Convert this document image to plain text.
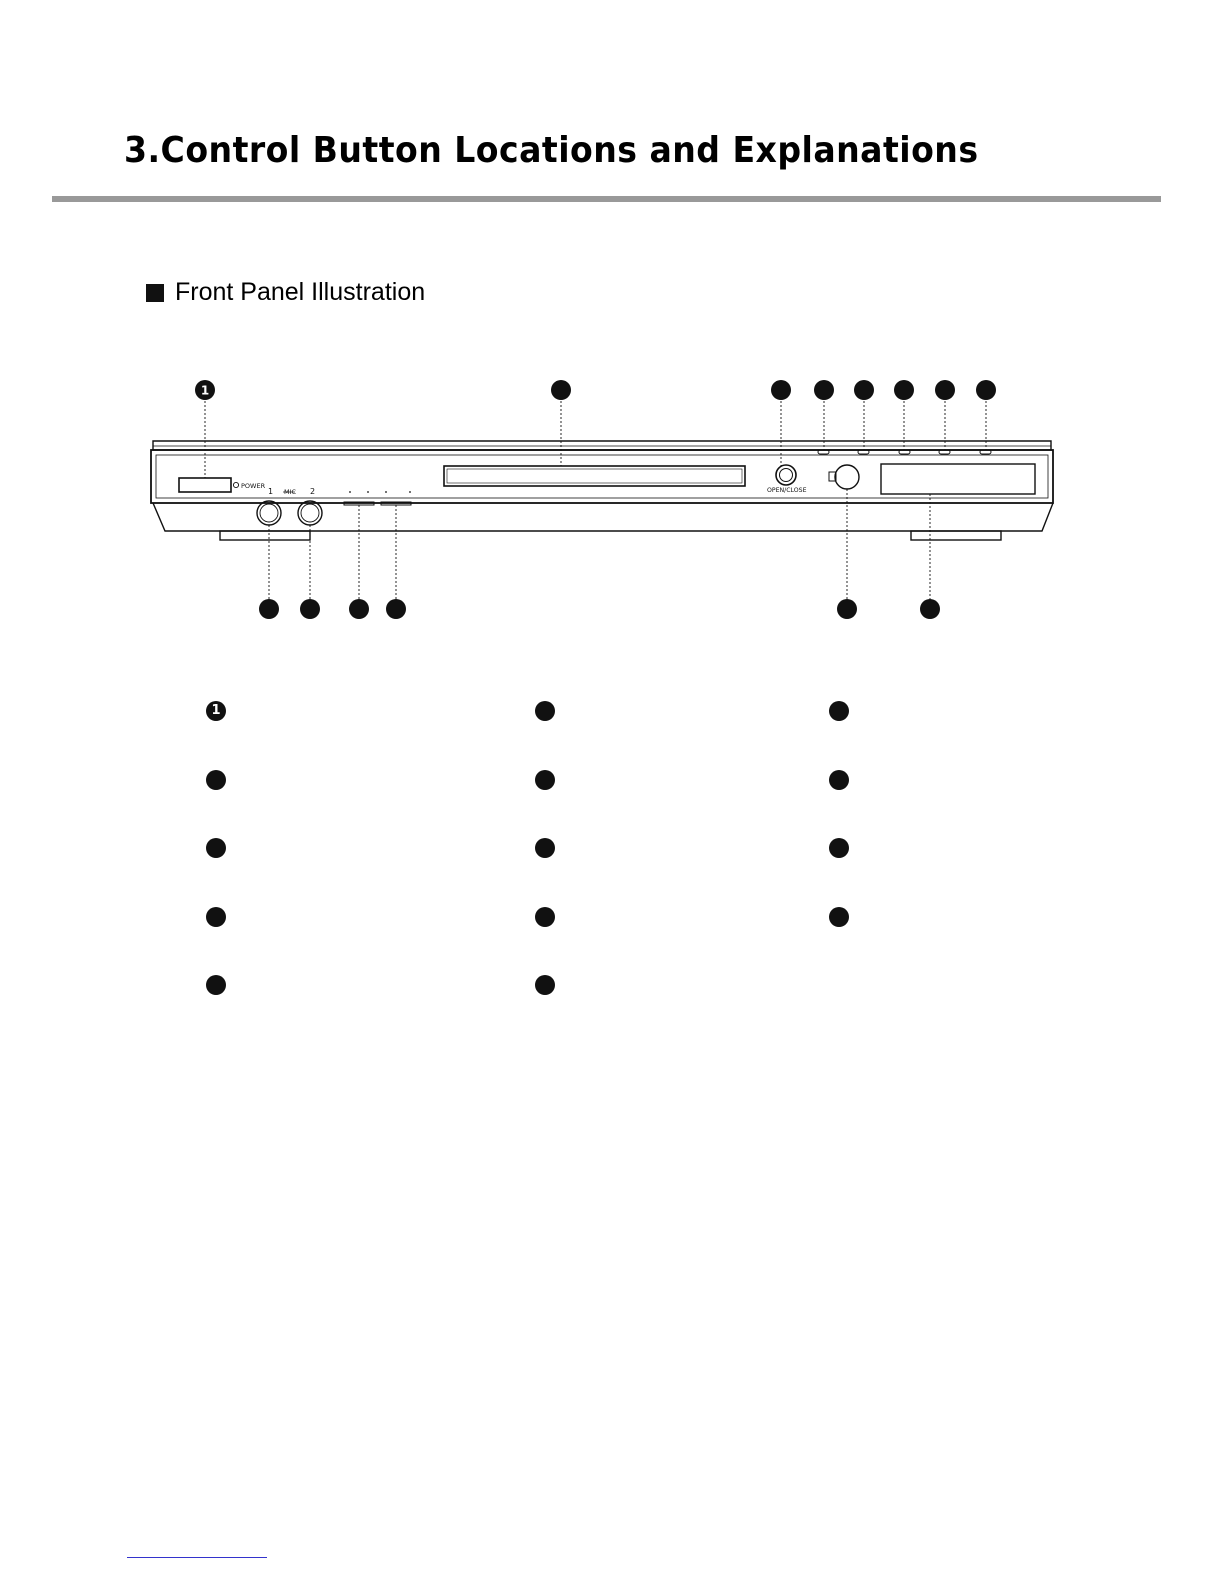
3.Control Button Locations and Explanations
Front Panel Illustration
POWER
1 MIC 2	OPEN/CLOSE
1
1
